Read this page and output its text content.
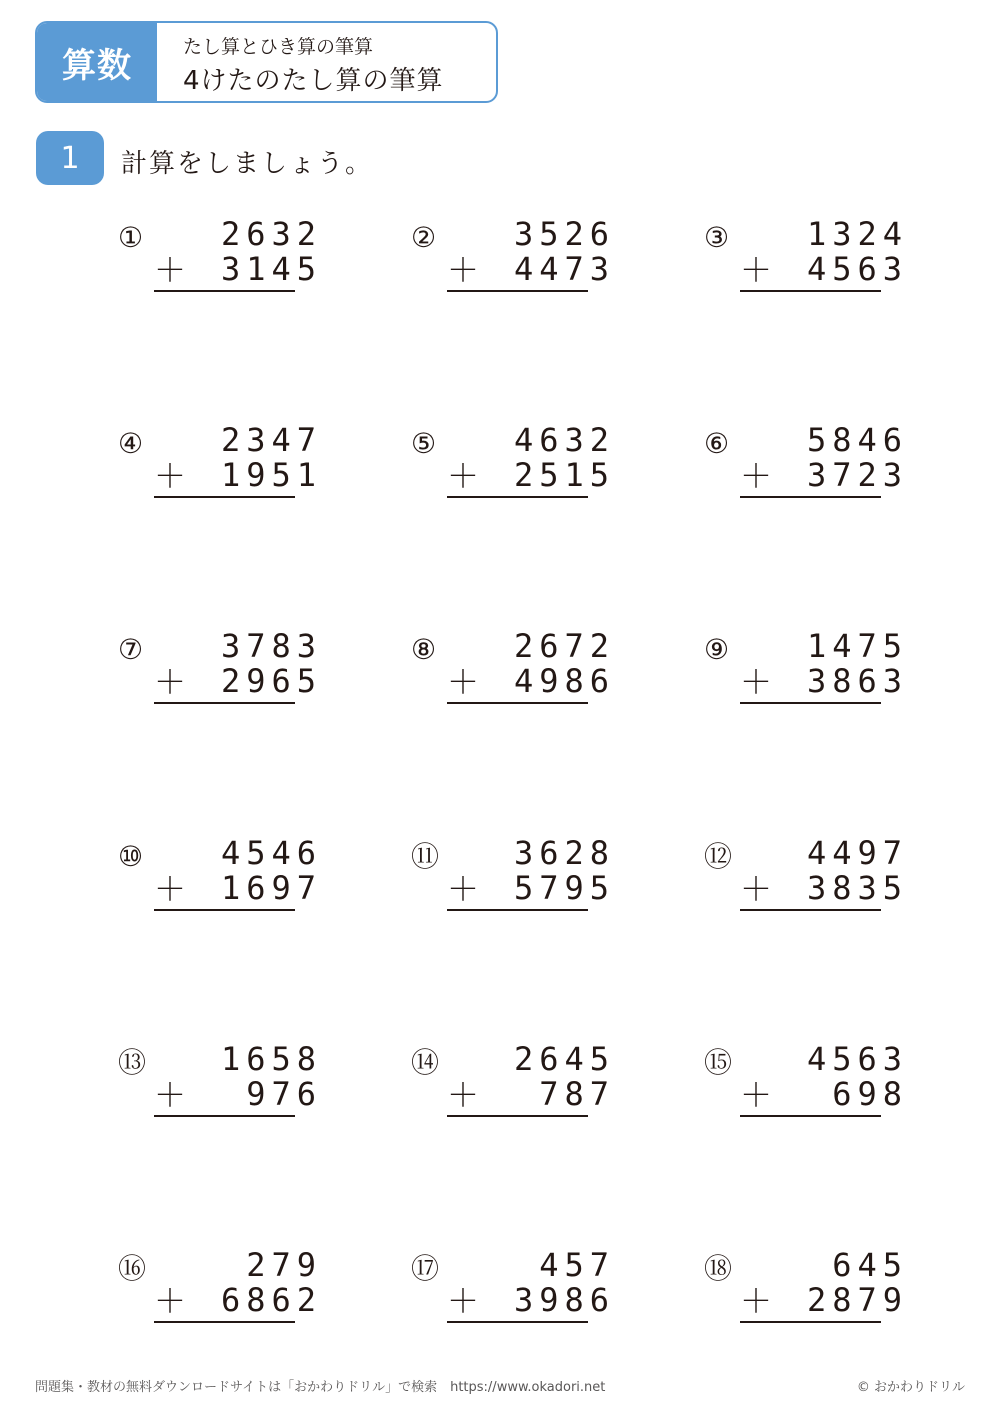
算数	たし算とひき算の筆算
4けたのたし算の筆算
1	計算をしましょう。
① 2632
＋ 3145
② 3526
＋ 4473
③ 1324
＋ 4563
④ 2347
＋ 1951
⑤ 4632
＋ 2515
⑥ 5846
＋ 3723
⑦ 3783
＋ 2965
⑧ 2672
＋ 4986
⑨ 1475
＋ 3863
⑩ 4546
＋ 1697
⑪ 3628
＋ 5795
⑫ 4497
＋ 3835
⑬ 1658
＋ 976
⑭ 2645
＋ 787
⑮ 4563
＋ 698
⑯	279
＋ 6862
⑰	457
＋ 3986
⑱	645
＋ 2879
問題集・教材の無料ダウンロードサイトは「おかわりドリル」で検索　https://www.okadori.net	© おかわりドリル
